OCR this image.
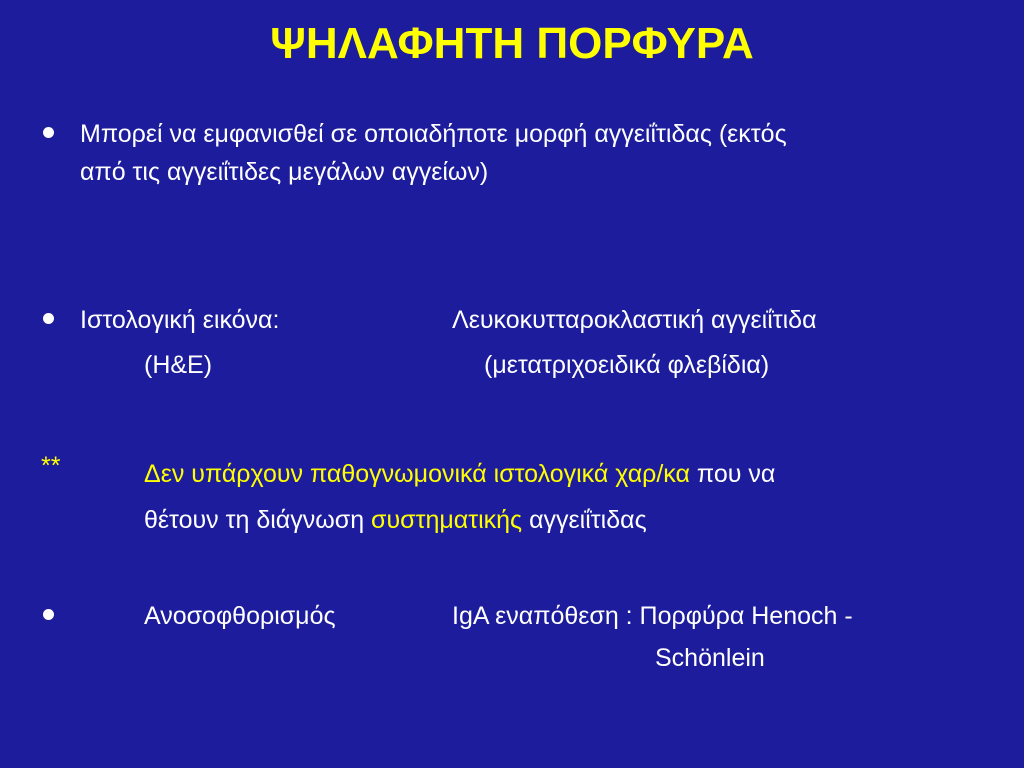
ΨΗΛΑΦΗΤΗ ΠΟΡΦΥΡΑ
Μπορεί να εμφανισθεί σε οποιαδήποτε μορφή αγγειΐτιδας (εκτός
από τις αγγειΐτιδες μεγάλων αγγείων)
Ιστολογική εικόνα:	Λευκοκυτταροκλαστική αγγειΐτιδα
(H&E)	(μετατριχοειδικά φλεβίδια)
**	Δεν υπάρχουν παθογνωμονικά ιστολογικά χαρ/κα που να
θέτουν τη διάγνωση συστηματικής αγγειΐτιδας
Ανοσοφθορισμός	IgA εναπόθεση : Πορφύρα Henoch -
Schönlein
